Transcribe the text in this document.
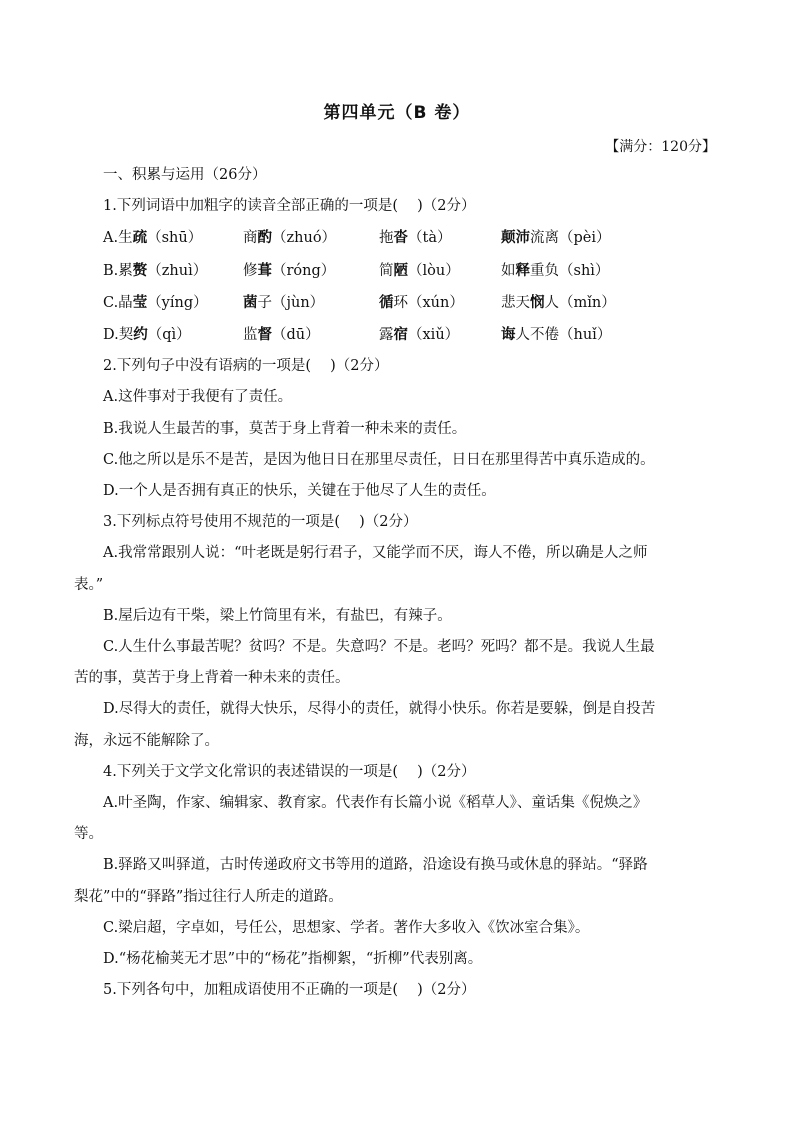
第四单元（B 卷）
【满分：120分】

一、积累与运用（26分）

1.下列词语中加粗字的读音全部正确的一项是(　 )（2分）

A.生疏（shū）	商酌（zhuó）	拖沓（tà）	颠沛流离（pèi）
B.累赘（zhuì）	修葺（róng）	简陋（lòu）	如释重负（shì）
C.晶莹（yíng）	菌子（jùn）	循环（xún）	悲天悯人（mǐn）
D.契约（qì）	监督（dū）	露宿（xiǔ）	诲人不倦（huǐ）

2.下列句子中没有语病的一项是(　 )（2分）

A.这件事对于我便有了责任。

B.我说人生最苦的事，莫苦于身上背着一种未来的责任。

C.他之所以是乐不是苦，是因为他日日在那里尽责任，日日在那里得苦中真乐造成的。

D.一个人是否拥有真正的快乐，关键在于他尽了人生的责任。

3.下列标点符号使用不规范的一项是(　 )（2分）

A.我常常跟别人说：“叶老既是躬行君子，又能学而不厌，诲人不倦，所以确是人之师

表。”

B.屋后边有干柴，梁上竹筒里有米，有盐巴，有辣子。

C.人生什么事最苦呢？贫吗？不是。失意吗？不是。老吗？死吗？都不是。我说人生最

苦的事，莫苦于身上背着一种未来的责任。

D.尽得大的责任，就得大快乐，尽得小的责任，就得小快乐。你若是要躲，倒是自投苦

海，永远不能解除了。

4.下列关于文学文化常识的表述错误的一项是(　 )（2分）

A.叶圣陶，作家、编辑家、教育家。代表作有长篇小说《稻草人》、童话集《倪焕之》

等。

B.驿路又叫驿道，古时传递政府文书等用的道路，沿途设有换马或休息的驿站。“驿路

梨花”中的“驿路”指过往行人所走的道路。

C.梁启超，字卓如，号任公，思想家、学者。著作大多收入《饮冰室合集》。

D.“杨花榆荚无才思”中的“杨花”指柳絮，“折柳”代表别离。

5.下列各句中，加粗成语使用不正确的一项是(　 )（2分）
